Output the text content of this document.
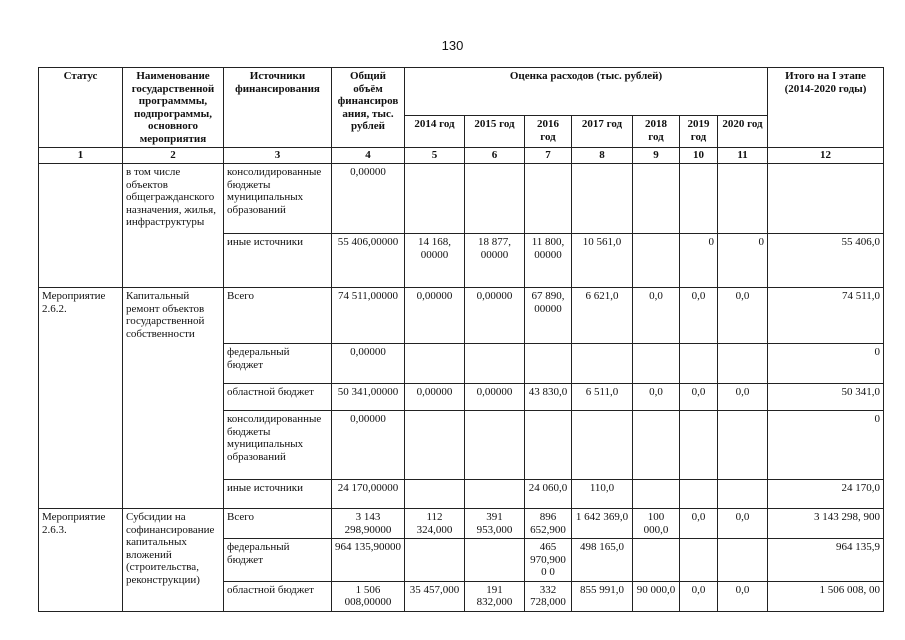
130
Статус	Наименование государственной программмы, подпрограммы, основного мероприятия	Источники финансирования	Общий объём финансирования, тыс. рублей	Оценка расходов (тыс. рублей)							Итого на I этапе (2014-2020 годы)
				2014 год	2015 год	2016 год	2017 год	2018 год	2019 год	2020 год	
1	2	3	4	5	6	7	8	9	10	11	12
	в том числе объектов общегражданского назначения, жилья, инфраструктуры	консолидированные бюджеты муниципальных образований	0,00000								
		иные источники	55 406,00000	14 168, 00000	18 877, 00000	11 800, 00000	10 561,0		0	0	55 406,0
Мероприятие 2.6.2.	Капитальный ремонт объектов государственной собственности	Всего	74 511,00000	0,00000	0,00000	67 890, 00000	6 621,0	0,0	0,0	0,0	74 511,0
		федеральный бюджет	0,00000								0
		областной бюджет	50 341,00000	0,00000	0,00000	43 830,0	6 511,0	0,0	0,0	0,0	50 341,0
		консолидированные бюджеты муниципальных образований	0,00000								0
		иные источники	24 170,00000			24 060,0	110,0				24 170,0
Мероприятие 2.6.3.	Субсидии на софинансирование капитальных вложений (строительства, реконструкции)	Всего	3 143 298,90000	112 324,000	391 953,000	896 652,900	1 642 369,0	100 000,0	0,0	0,0	3 143 298, 900
		федеральный бюджет	964 135,90000			465 970,9000 0	498 165,0				964 135,9
		областной бюджет	1 506 008,00000	35 457,000	191 832,000	332 728,000	855 991,0	90 000,0	0,0	0,0	1 506 008, 00
